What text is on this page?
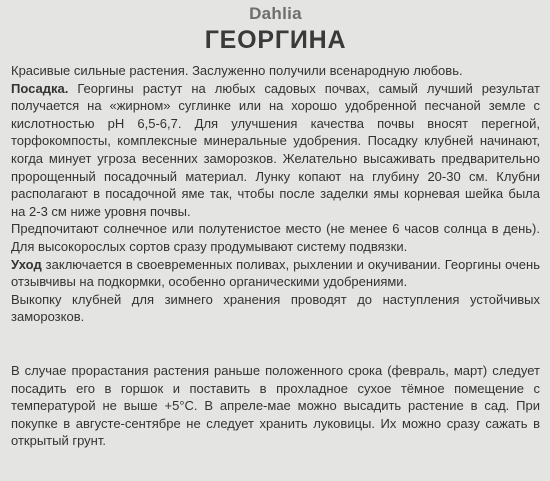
Dahlia
ГЕОРГИНА

Красивые сильные растения. Заслуженно получили всенародную любовь.

Посадка. Георгины растут на любых садовых почвах, самый лучший результат получается на «жирном» суглинке или на хорошо удобренной песчаной земле с кислотностью рН 6,5-6,7. Для улучшения качества почвы вносят перегной, торфокомпосты, комплексные минеральные удобрения. Посадку клубней начинают, когда минует угроза весенних заморозков. Желательно высаживать предварительно пророщенный посадочный материал. Лунку копают на глубину 20-30 см. Клубни располагают в посадочной яме так, чтобы после заделки ямы корневая шейка была на 2-3 см ниже уровня почвы.

Предпочитают солнечное или полутенистое место (не менее 6 часов солнца в день). Для высокорослых сортов сразу продумывают систему подвязки.

Уход заключается в своевременных поливах, рыхлении и окучивании. Георгины очень отзывчивы на подкормки, особенно органическими удобрениями.

Выкопку клубней для зимнего хранения проводят до наступления устойчивых заморозков.

В случае прорастания растения раньше положенного срока (февраль, март) следует посадить его в горшок и поставить в прохладное сухое тёмное помещение с температурой не выше +5°С. В апреле-мае можно высадить растение в сад. При покупке в августе-сентябре не следует хранить луковицы. Их можно сразу сажать в открытый грунт.
